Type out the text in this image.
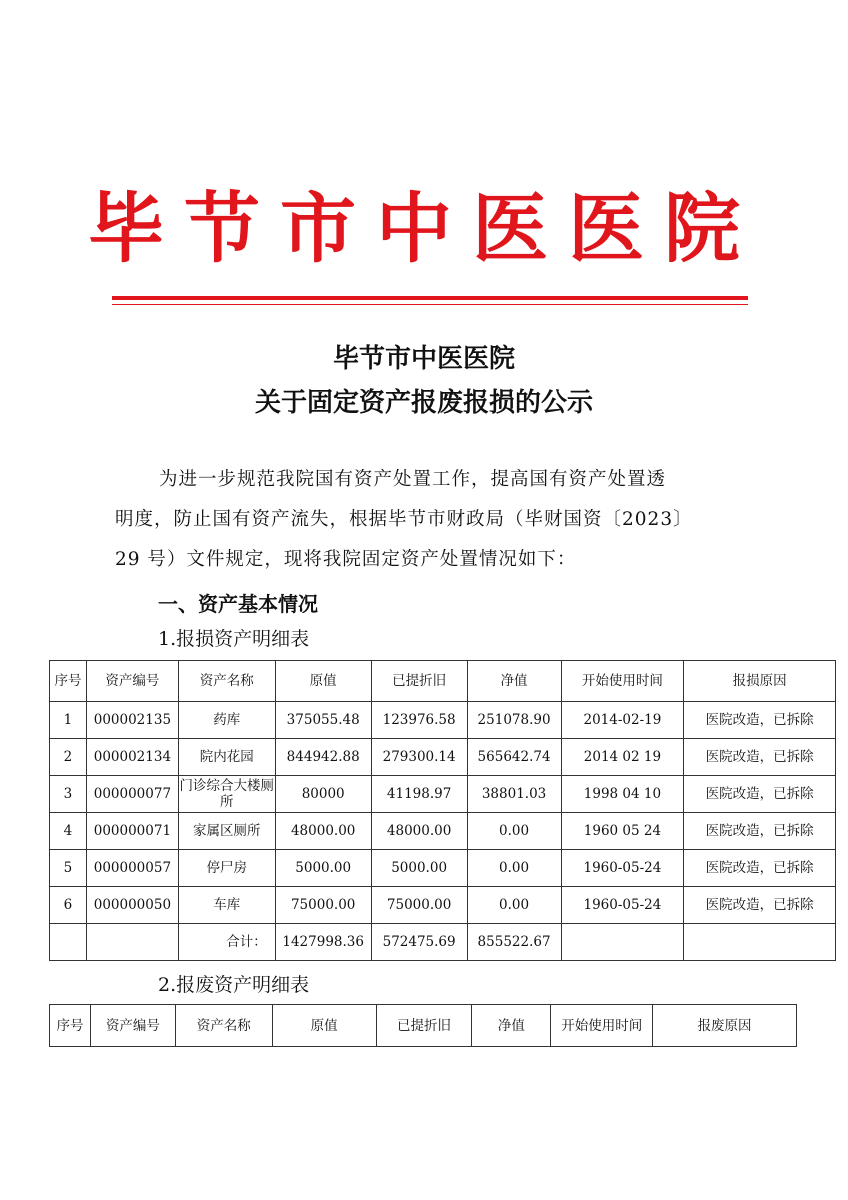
毕节市中医医院
毕节市中医医院
关于固定资产报废报损的公示
为进一步规范我院国有资产处置工作，提高国有资产处置透
明度，防止国有资产流失，根据毕节市财政局（毕财国资〔2023〕
29 号）文件规定，现将我院固定资产处置情况如下：
一、资产基本情况
1.报损资产明细表
序号	资产编号	资产名称	原值	已提折旧	净值	开始使用时间	报损原因
1	000002135	药库	375055.48	123976.58	251078.90	2014-02-19	医院改造，已拆除
2	000002134	院内花园	844942.88	279300.14	565642.74	2014 02 19	医院改造，已拆除
3	000000077	门诊综合大楼厕所	80000	41198.97	38801.03	1998 04 10	医院改造，已拆除
4	000000071	家属区厕所	48000.00	48000.00	0.00	1960 05 24	医院改造，已拆除
5	000000057	停尸房	5000.00	5000.00	0.00	1960-05-24	医院改造，已拆除
6	000000050	车库	75000.00	75000.00	0.00	1960-05-24	医院改造，已拆除
		合计：	1427998.36	572475.69	855522.67		
2.报废资产明细表
序号	资产编号	资产名称	原值	已提折旧	净值	开始使用时间	报废原因
